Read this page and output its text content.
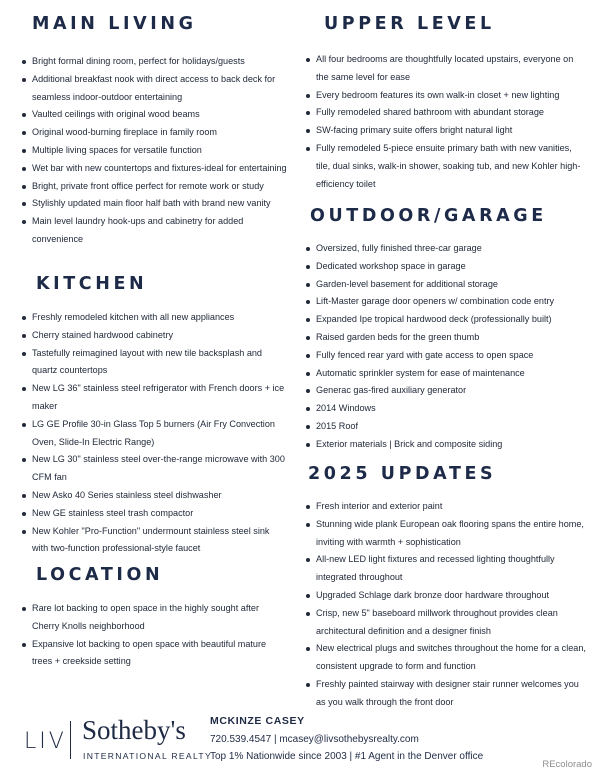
MAIN LIVING
Bright formal dining room, perfect for holidays/guests
Additional breakfast nook with direct access to back deck for seamless indoor-outdoor entertaining
Vaulted ceilings with original wood beams
Original wood-burning fireplace in family room
Multiple living spaces for versatile function
Wet bar with new countertops and fixtures-ideal for entertaining
Bright, private front office perfect for remote work or study
Stylishly updated main floor half bath with brand new vanity
Main level laundry hook-ups and cabinetry for added convenience
KITCHEN
Freshly remodeled kitchen with all new appliances
Cherry stained hardwood cabinetry
Tastefully reimagined layout with new tile backsplash and quartz countertops
New LG 36" stainless steel refrigerator with French doors + ice maker
LG GE Profile 30-in Glass Top 5 burners (Air Fry Convection Oven, Slide-In Electric Range)
New LG 30" stainless steel over-the-range microwave with 300 CFM fan
New Asko 40 Series stainless steel dishwasher
New GE stainless steel trash compactor
New Kohler "Pro-Function" undermount stainless steel sink with two-function professional-style faucet
LOCATION
Rare lot backing to open space in the highly sought after Cherry Knolls neighborhood
Expansive lot backing to open space with beautiful mature trees + creekside setting
UPPER LEVEL
All four bedrooms are thoughtfully located upstairs, everyone on the same level for ease
Every bedroom features its own walk-in closet + new lighting
Fully remodeled shared bathroom with abundant storage
SW-facing primary suite offers bright natural light
Fully remodeled 5-piece ensuite primary bath with new vanities, tile, dual sinks, walk-in shower, soaking tub, and new Kohler high-efficiency toilet
OUTDOOR/GARAGE
Oversized, fully finished three-car garage
Dedicated workshop space in garage
Garden-level basement for additional storage
Lift-Master garage door openers w/ combination code entry
Expanded Ipe tropical hardwood deck (professionally built)
Raised garden beds for the green thumb
Fully fenced rear yard with gate access to open space
Automatic sprinkler system for ease of maintenance
Generac gas-fired auxiliary generator
2014 Windows
2015 Roof
Exterior materials | Brick and composite siding
2025 UPDATES
Fresh interior and exterior paint
Stunning wide plank European oak flooring spans the entire home, inviting with warmth + sophistication
All-new LED light fixtures and recessed lighting thoughtfully integrated throughout
Upgraded Schlage dark bronze door hardware throughout
Crisp, new 5" baseboard millwork throughout provides clean architectural definition and a designer finish
New electrical plugs and switches throughout the home for a clean, consistent upgrade to form and function
Freshly painted stairway with designer stair runner welcomes you as you walk through the front door
LIV Sotheby's
INTERNATIONAL REALTY
MCKINZE CASEY
720.539.4547 | mcasey@livsothebysrealty.com
Top 1% Nationwide since 2003 | #1 Agent in the Denver office
REcolorado
